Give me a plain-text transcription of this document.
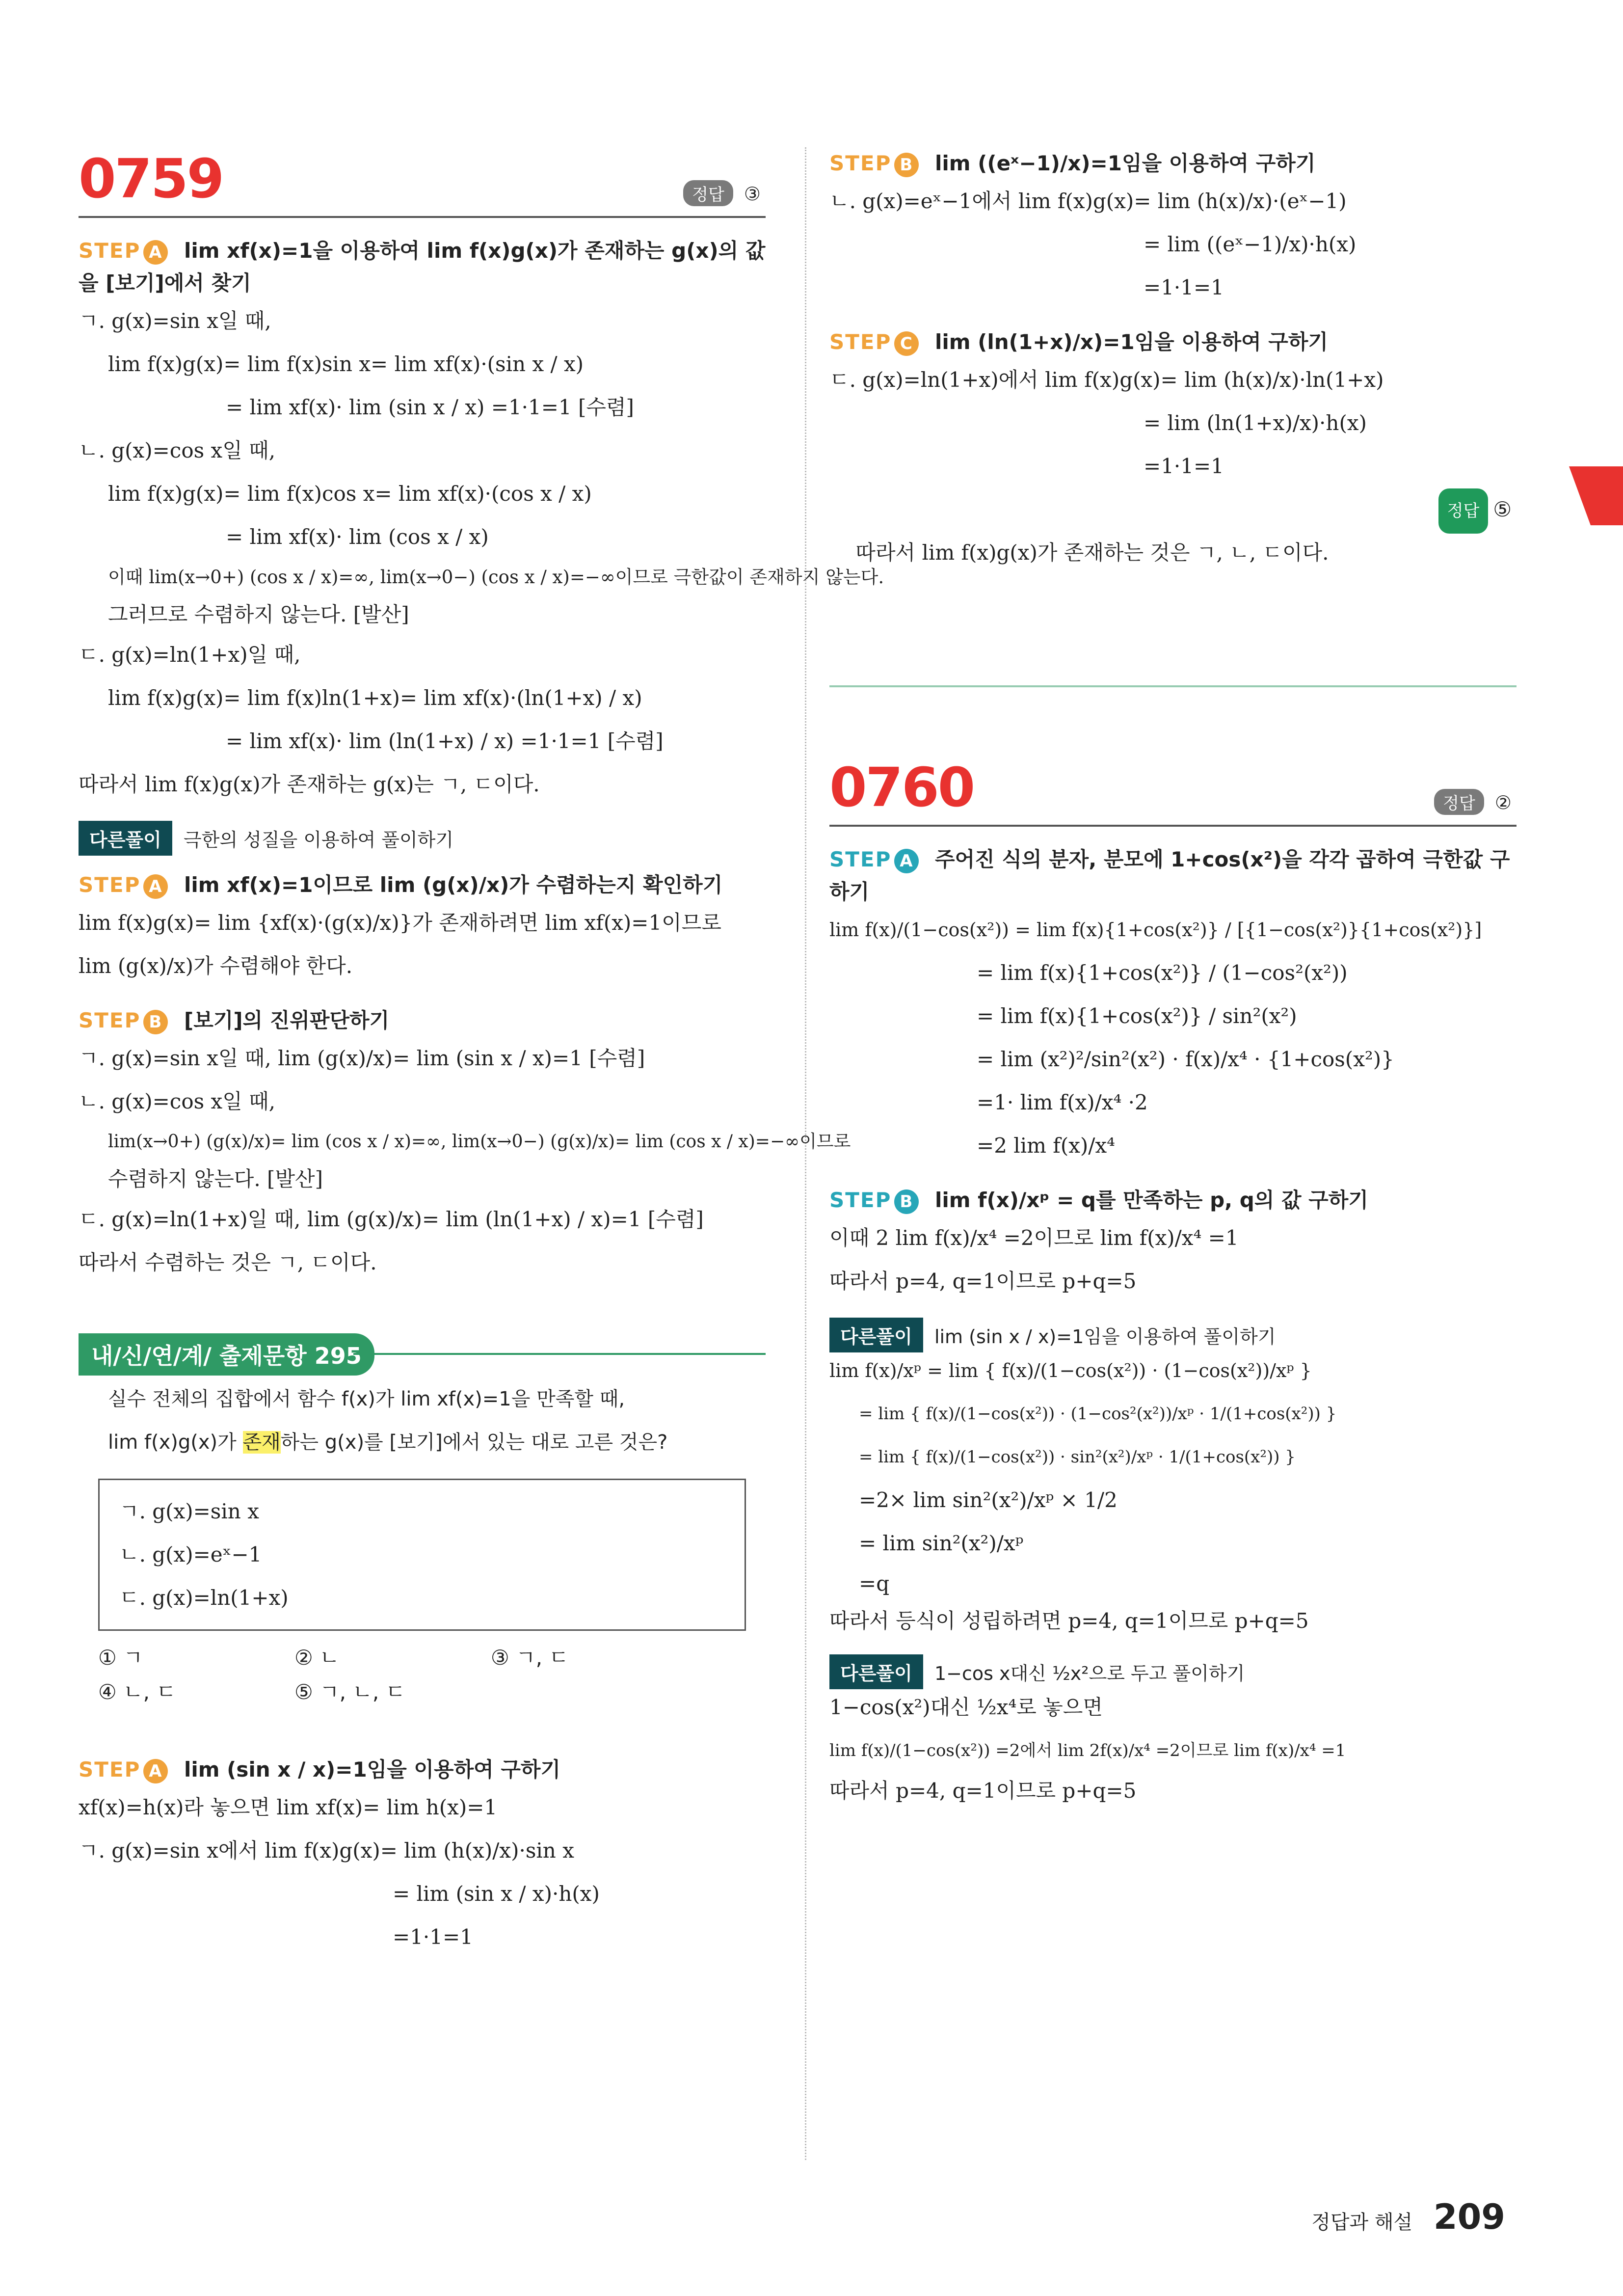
0759	정답 ③
STEP A lim xf(x)=1을 이용하여 lim f(x)g(x)가 존재하는 g(x)의 값을 [보기]에서 찾기
ㄱ. g(x)=sin x일 때,
lim f(x)g(x)= lim f(x)sin x= lim xf(x)·(sin x / x)
= lim xf(x)· lim (sin x / x) =1·1=1 [수렴]
ㄴ. g(x)=cos x일 때,
lim f(x)g(x)= lim f(x)cos x= lim xf(x)·(cos x / x)
= lim xf(x)· lim (cos x / x)
이때 lim(x→0+) (cos x / x)=∞, lim(x→0−) (cos x / x)=−∞이므로 극한값이 존재하지 않는다.
그러므로 수렴하지 않는다. [발산]
ㄷ. g(x)=ln(1+x)일 때,
lim f(x)g(x)= lim f(x)ln(1+x)= lim xf(x)·(ln(1+x) / x)
= lim xf(x)· lim (ln(1+x) / x) =1·1=1 [수렴]
따라서 lim f(x)g(x)가 존재하는 g(x)는 ㄱ, ㄷ이다.
다른풀이 극한의 성질을 이용하여 풀이하기
STEP A lim xf(x)=1이므로 lim (g(x)/x)가 수렴하는지 확인하기
lim f(x)g(x)= lim {xf(x)·(g(x)/x)}가 존재하려면 lim xf(x)=1이므로
lim (g(x)/x)가 수렴해야 한다.
STEP B [보기]의 진위판단하기
ㄱ. g(x)=sin x일 때, lim (g(x)/x)= lim (sin x / x)=1 [수렴]
ㄴ. g(x)=cos x일 때,
lim(x→0+) (g(x)/x)= lim (cos x / x)=∞, lim(x→0−) (g(x)/x)= lim (cos x / x)=−∞이므로
수렴하지 않는다. [발산]
ㄷ. g(x)=ln(1+x)일 때, lim (g(x)/x)= lim (ln(1+x) / x)=1 [수렴]
따라서 수렴하는 것은 ㄱ, ㄷ이다.
내/신/연/계/ 출제문항 295
실수 전체의 집합에서 함수 f(x)가 lim xf(x)=1을 만족할 때,
lim f(x)g(x)가 존재하는 g(x)를 [보기]에서 있는 대로 고른 것은?
ㄱ. g(x)=sin x
ㄴ. g(x)=eˣ−1
ㄷ. g(x)=ln(1+x)
① ㄱ	② ㄴ	③ ㄱ, ㄷ
④ ㄴ, ㄷ	⑤ ㄱ, ㄴ, ㄷ
STEP A lim (sin x / x)=1임을 이용하여 구하기
xf(x)=h(x)라 놓으면 lim xf(x)= lim h(x)=1
ㄱ. g(x)=sin x에서 lim f(x)g(x)= lim (h(x)/x)·sin x
= lim (sin x / x)·h(x)
=1·1=1
STEP B lim ((eˣ−1)/x)=1임을 이용하여 구하기
ㄴ. g(x)=eˣ−1에서 lim f(x)g(x)= lim (h(x)/x)·(eˣ−1)
= lim ((eˣ−1)/x)·h(x)
=1·1=1
STEP C lim (ln(1+x)/x)=1임을 이용하여 구하기
ㄷ. g(x)=ln(1+x)에서 lim f(x)g(x)= lim (h(x)/x)·ln(1+x)
= lim (ln(1+x)/x)·h(x)
=1·1=1

따라서 lim f(x)g(x)가 존재하는 것은 ㄱ, ㄴ, ㄷ이다.

정답 ⑤

0760	정답 ②
STEP A 주어진 식의 분자, 분모에 1+cos(x²)을 각각 곱하여 극한값 구하기
lim f(x)/(1−cos(x²)) = lim f(x){1+cos(x²)} / [{1−cos(x²)}{1+cos(x²)}]
= lim f(x){1+cos(x²)} / (1−cos²(x²))
= lim f(x){1+cos(x²)} / sin²(x²)
= lim (x²)²/sin²(x²) · f(x)/x⁴ · {1+cos(x²)}
=1· lim f(x)/x⁴ ·2
=2 lim f(x)/x⁴
STEP B lim f(x)/xᵖ = q를 만족하는 p, q의 값 구하기
이때 2 lim f(x)/x⁴ =2이므로 lim f(x)/x⁴ =1
따라서 p=4, q=1이므로 p+q=5
다른풀이 lim (sin x / x)=1임을 이용하여 풀이하기
lim f(x)/xᵖ = lim { f(x)/(1−cos(x²)) · (1−cos(x²))/xᵖ }
= lim { f(x)/(1−cos(x²)) · (1−cos²(x²))/xᵖ · 1/(1+cos(x²)) }
= lim { f(x)/(1−cos(x²)) · sin²(x²)/xᵖ · 1/(1+cos(x²)) }
=2× lim sin²(x²)/xᵖ × 1/2
= lim sin²(x²)/xᵖ
=q
따라서 등식이 성립하려면 p=4, q=1이므로 p+q=5
다른풀이 1−cos x대신 ½x²으로 두고 풀이하기
1−cos(x²)대신 ½x⁴로 놓으면
lim f(x)/(1−cos(x²)) =2에서 lim 2f(x)/x⁴ =2이므로 lim f(x)/x⁴ =1
따라서 p=4, q=1이므로 p+q=5
정답과 해설 209
